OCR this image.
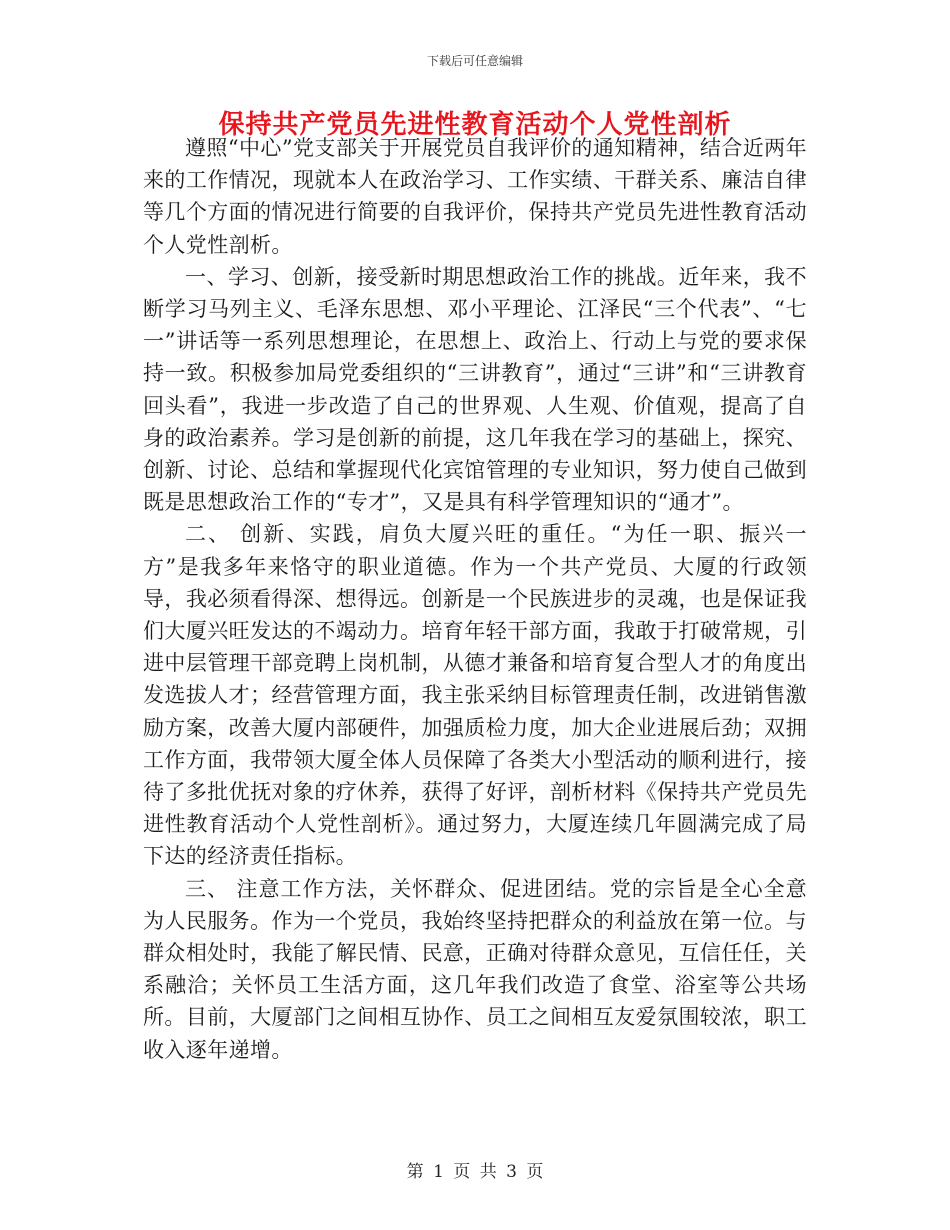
下载后可任意编辑
保持共产党员先进性教育活动个人党性剖析

遵照“中心”党支部关于开展党员自我评价的通知精神，结合近两年来的工作情况，现就本人在政治学习、工作实绩、干群关系、廉洁自律等几个方面的情况进行简要的自我评价，保持共产党员先进性教育活动个人党性剖析。

一、学习、创新，接受新时期思想政治工作的挑战。近年来，我不断学习马列主义、毛泽东思想、邓小平理论、江泽民“三个代表”、“七一”讲话等一系列思想理论，在思想上、政治上、行动上与党的要求保持一致。积极参加局党委组织的“三讲教育”，通过“三讲”和“三讲教育回头看”，我进一步改造了自己的世界观、人生观、价值观，提高了自身的政治素养。学习是创新的前提，这几年我在学习的基础上，探究、创新、讨论、总结和掌握现代化宾馆管理的专业知识，努力使自己做到既是思想政治工作的“专才”，又是具有科学管理知识的“通才”。

二、 创新、实践，肩负大厦兴旺的重任。“为任一职、振兴一方”是我多年来恪守的职业道德。作为一个共产党员、大厦的行政领导，我必须看得深、想得远。创新是一个民族进步的灵魂，也是保证我们大厦兴旺发达的不竭动力。培育年轻干部方面，我敢于打破常规，引进中层管理干部竞聘上岗机制，从德才兼备和培育复合型人才的角度出发选拔人才；经营管理方面，我主张采纳目标管理责任制，改进销售激励方案，改善大厦内部硬件，加强质检力度，加大企业进展后劲；双拥工作方面，我带领大厦全体人员保障了各类大小型活动的顺利进行，接待了多批优抚对象的疗休养，获得了好评，剖析材料《保持共产党员先进性教育活动个人党性剖析》。通过努力，大厦连续几年圆满完成了局下达的经济责任指标。

三、 注意工作方法，关怀群众、促进团结。党的宗旨是全心全意为人民服务。作为一个党员，我始终坚持把群众的利益放在第一位。与群众相处时，我能了解民情、民意，正确对待群众意见，互信任任，关系融洽；关怀员工生活方面，这几年我们改造了食堂、浴室等公共场所。目前，大厦部门之间相互协作、员工之间相互友爱氛围较浓，职工收入逐年递增。

第 1 页 共 3 页
